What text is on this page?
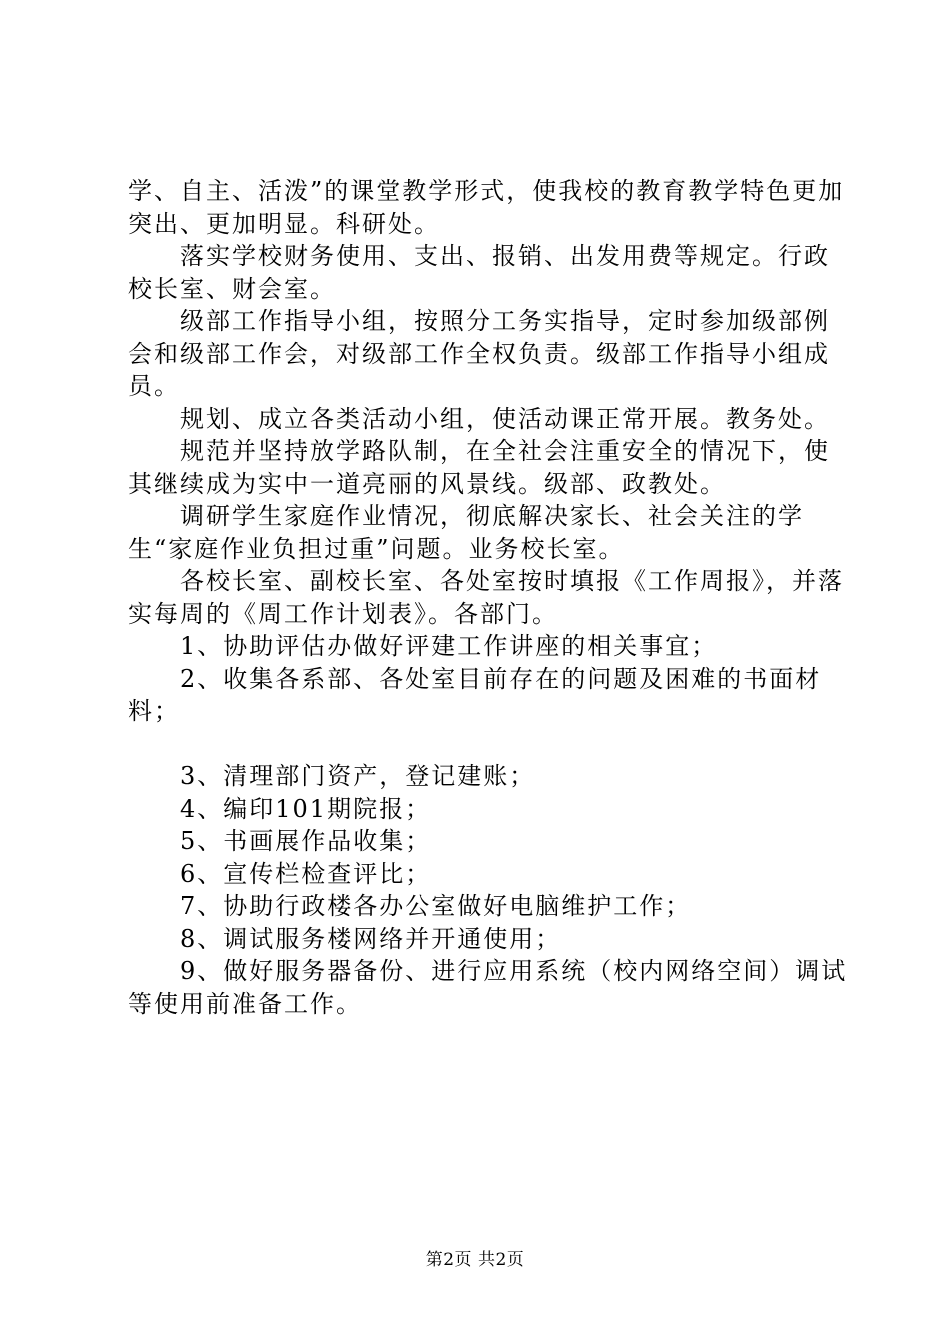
学、自主、活泼”的课堂教学形式，使我校的教育教学特色更加突出、更加明显。科研处。

落实学校财务使用、支出、报销、出发用费等规定。行政校长室、财会室。

级部工作指导小组，按照分工务实指导，定时参加级部例会和级部工作会，对级部工作全权负责。级部工作指导小组成员。

规划、成立各类活动小组，使活动课正常开展。教务处。

规范并坚持放学路队制，在全社会注重安全的情况下，使其继续成为实中一道亮丽的风景线。级部、政教处。

调研学生家庭作业情况，彻底解决家长、社会关注的学生“家庭作业负担过重”问题。业务校长室。

各校长室、副校长室、各处室按时填报《工作周报》，并落实每周的《周工作计划表》。各部门。

1、协助评估办做好评建工作讲座的相关事宜；

2、收集各系部、各处室目前存在的问题及困难的书面材料；

3、清理部门资产，登记建账；

4、编印101期院报；

5、书画展作品收集；

6、宣传栏检查评比；

7、协助行政楼各办公室做好电脑维护工作；

8、调试服务楼网络并开通使用；

9、做好服务器备份、进行应用系统（校内网络空间）调试等使用前准备工作。

第2页 共2页
